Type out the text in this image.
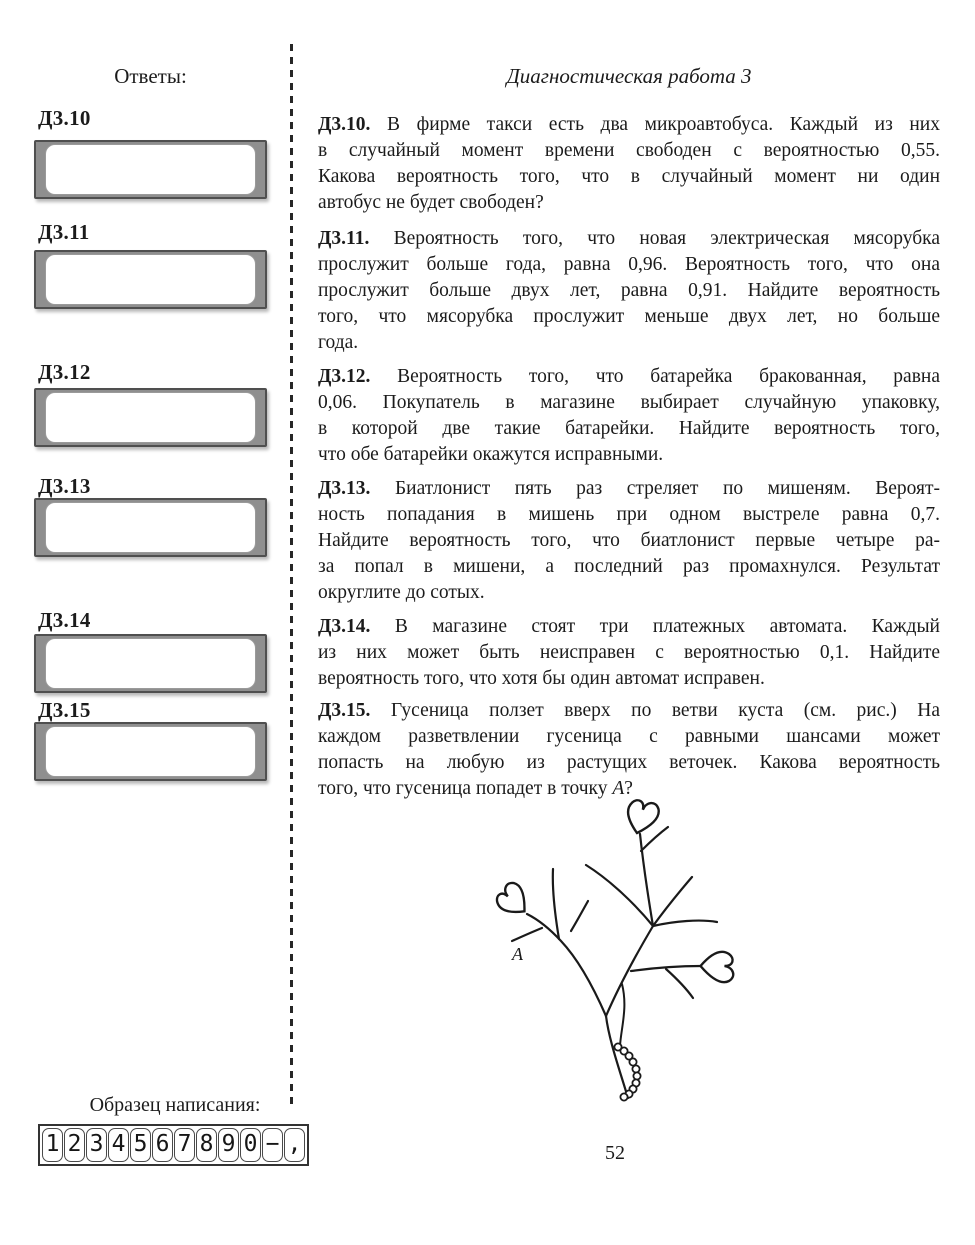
Ответы:
Д3.10
Д3.11
Д3.12
Д3.13
Д3.14
Д3.15
Диагностическая работа 3
Д3.10. В фирме такси есть два микроавтобуса. Каждый из них
в случайный момент времени свободен с вероятностью 0,55.
Какова вероятность того, что в случайный момент ни один
автобус не будет свободен?
Д3.11. Вероятность того, что новая электрическая мясорубка
прослужит больше года, равна 0,96. Вероятность того, что она
прослужит больше двух лет, равна 0,91. Найдите вероятность
того, что мясорубка прослужит меньше двух лет, но больше
года.
Д3.12. Вероятность того, что батарейка бракованная, равна
0,06. Покупатель в магазине выбирает случайную упаковку,
в которой две такие батарейки. Найдите вероятность того,
что обе батарейки окажутся исправными.
Д3.13. Биатлонист пять раз стреляет по мишеням. Вероят-
ность попадания в мишень при одном выстреле равна 0,7.
Найдите вероятность того, что биатлонист первые четыре ра-
за попал в мишени, а последний раз промахнулся. Результат
округлите до сотых.
Д3.14. В магазине стоят три платежных автомата. Каждый
из них может быть неисправен с вероятностью 0,1. Найдите
вероятность того, что хотя бы один автомат исправен.
Д3.15. Гусеница ползет вверх по ветви куста (см. рис.) На
каждом разветвлении гусеница с равными шансами может
попасть на любую из растущих веточек. Какова вероятность
того, что гусеница попадет в точку А?
А
Образец написания:
1 2 3 4 5 6 7 8 9 0 − ,	52
